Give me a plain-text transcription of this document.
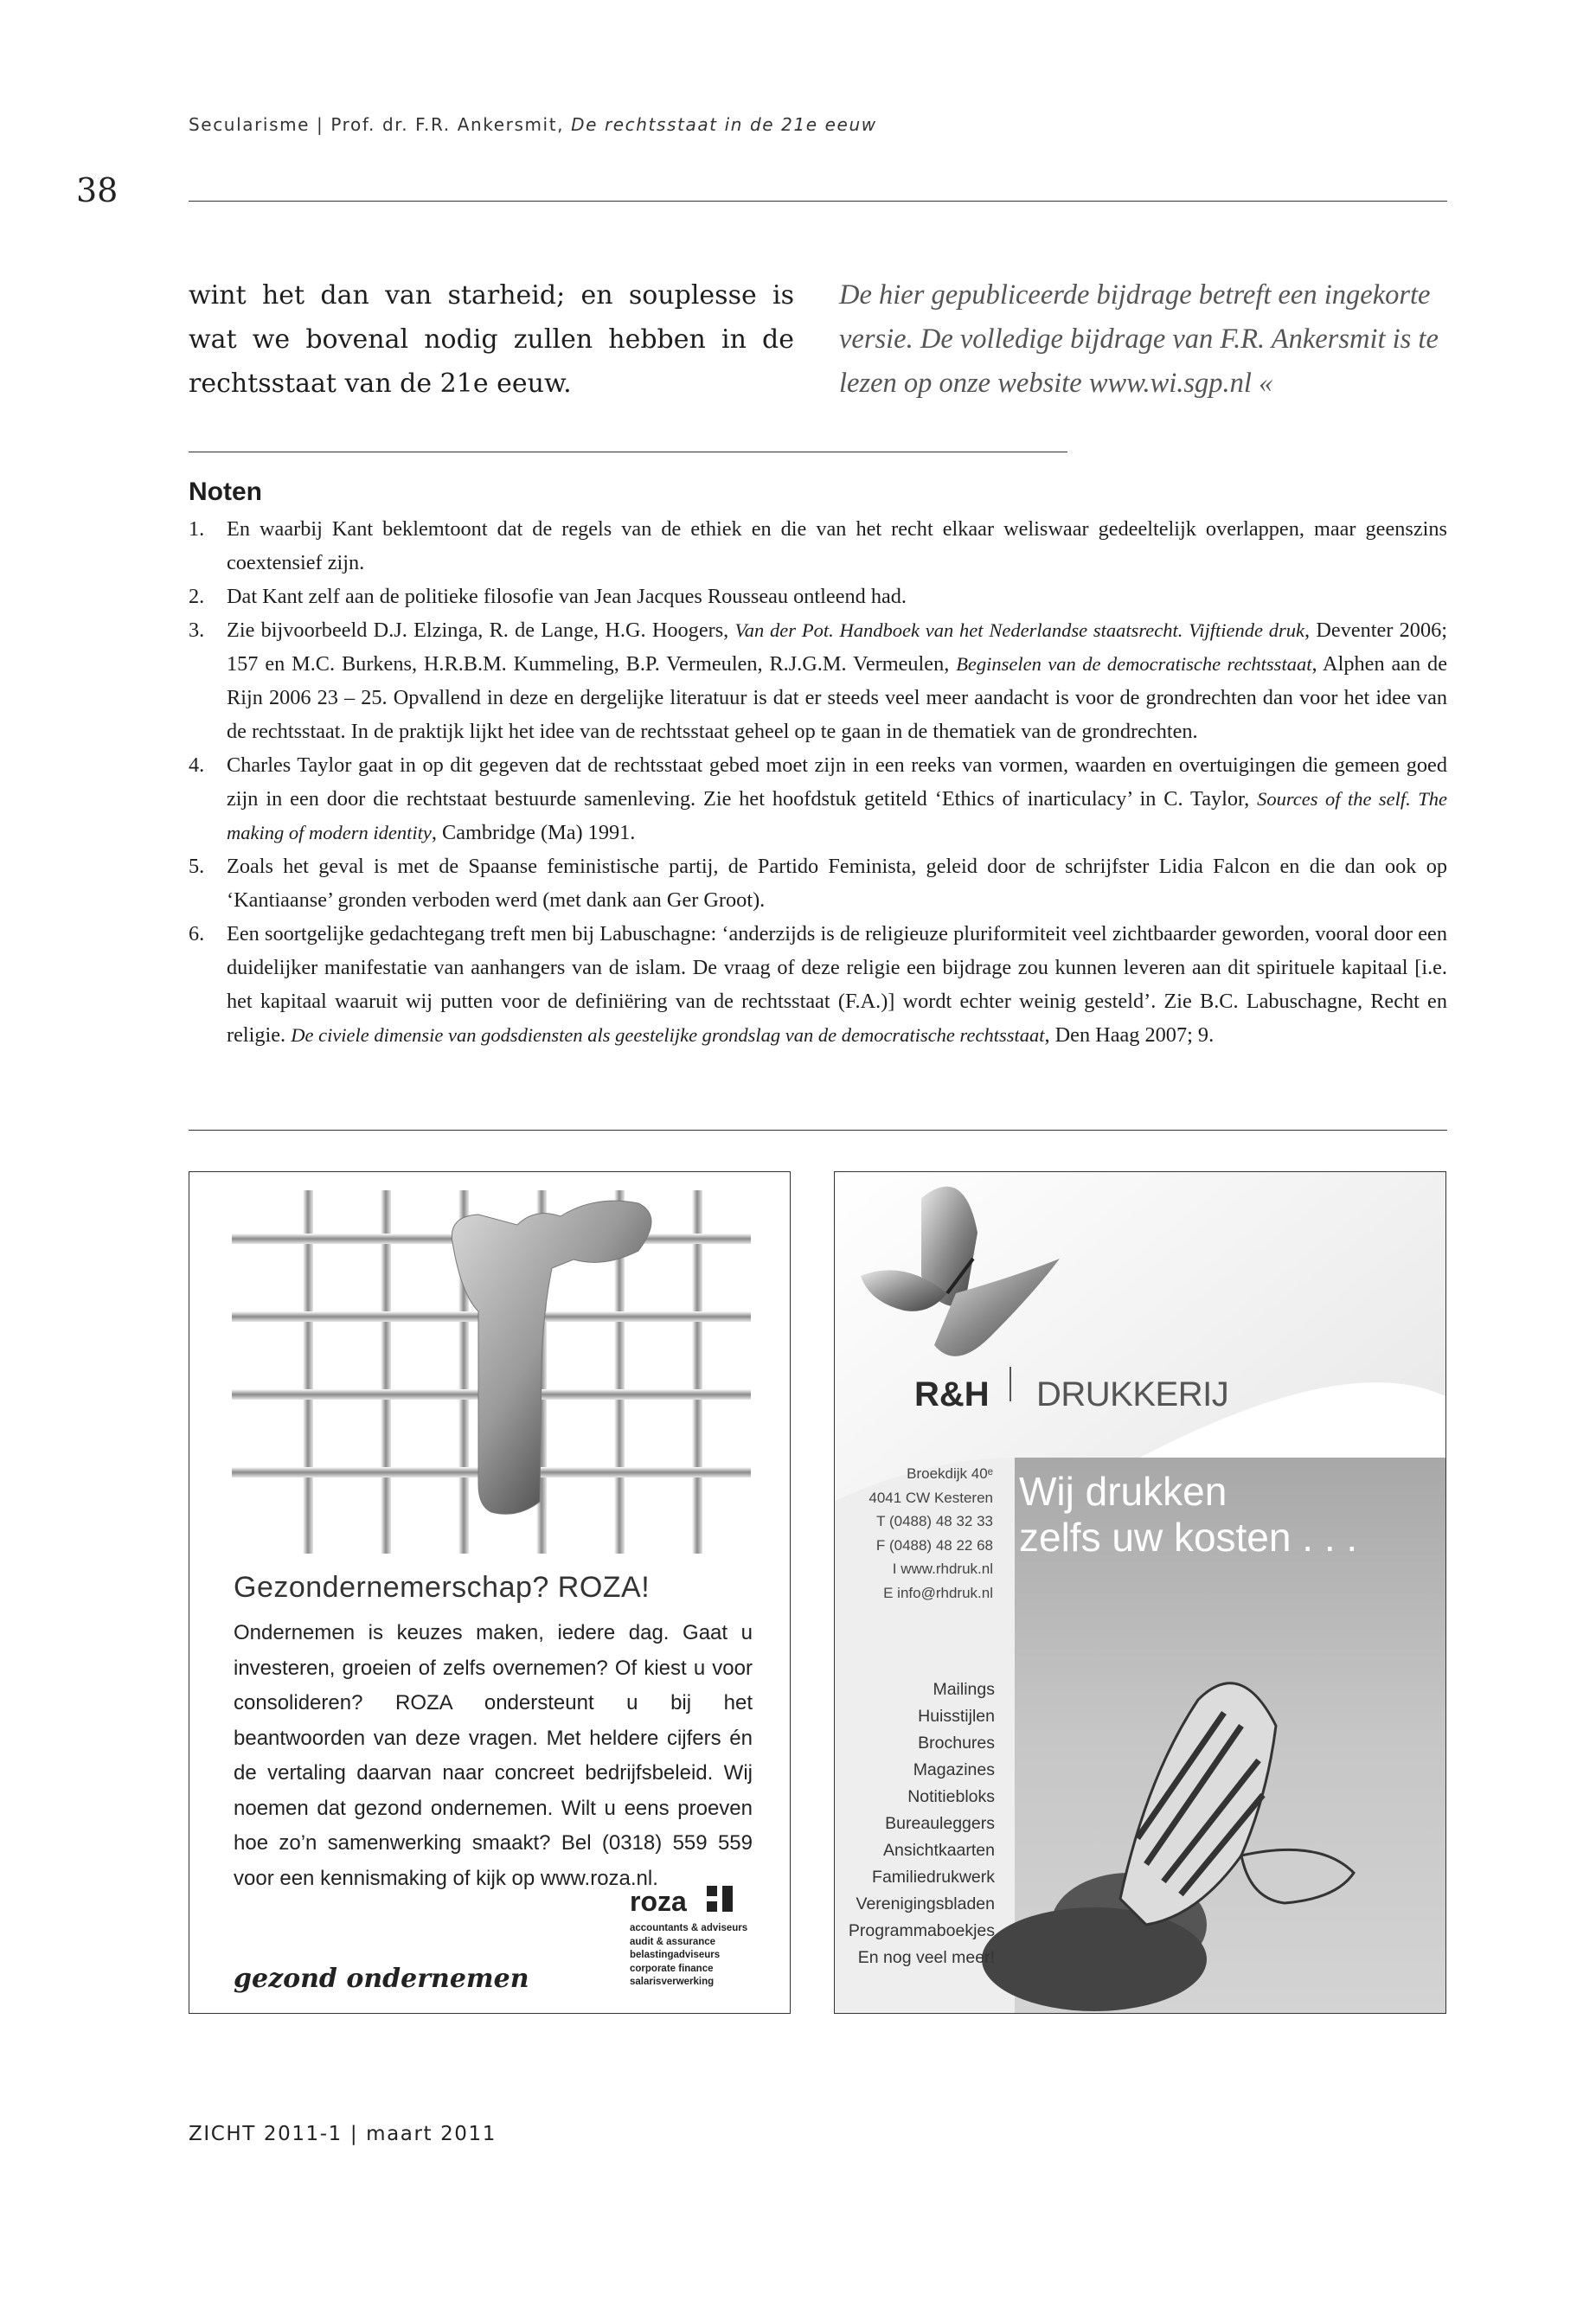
Secularisme | Prof. dr. F.R. Ankersmit, De rechtsstaat in de 21e eeuw
38
wint het dan van starheid; en souplesse is wat we bovenal nodig zullen hebben in de rechtsstaat van de 21e eeuw.
De hier gepubliceerde bijdrage betreft een ingekorte versie. De volledige bijdrage van F.R. Ankersmit is te lezen op onze website www.wi.sgp.nl «
Noten
1. En waarbij Kant beklemtoont dat de regels van de ethiek en die van het recht elkaar weliswaar gedeeltelijk overlappen, maar geenszins coextensief zijn.
2. Dat Kant zelf aan de politieke filosofie van Jean Jacques Rousseau ontleend had.
3. Zie bijvoorbeeld D.J. Elzinga, R. de Lange, H.G. Hoogers, Van der Pot. Handboek van het Nederlandse staatsrecht. Vijftiende druk, Deventer 2006; 157 en M.C. Burkens, H.R.B.M. Kummeling, B.P. Vermeulen, R.J.G.M. Vermeulen, Beginselen van de democratische rechtsstaat, Alphen aan de Rijn 2006 23 – 25. Opvallend in deze en dergelijke literatuur is dat er steeds veel meer aandacht is voor de grondrechten dan voor het idee van de rechtsstaat. In de praktijk lijkt het idee van de rechtsstaat geheel op te gaan in de thematiek van de grondrechten.
4. Charles Taylor gaat in op dit gegeven dat de rechtsstaat gebed moet zijn in een reeks van vormen, waarden en overtuigingen die gemeen goed zijn in een door die rechtstaat bestuurde samenleving. Zie het hoofdstuk getiteld ‘Ethics of inarticulacy’ in C. Taylor, Sources of the self. The making of modern identity, Cambridge (Ma) 1991.
5. Zoals het geval is met de Spaanse feministische partij, de Partido Feminista, geleid door de schrijfster Lidia Falcon en die dan ook op ‘Kantiaanse’ gronden verboden werd (met dank aan Ger Groot).
6. Een soortgelijke gedachtegang treft men bij Labuschagne: ‘anderzijds is de religieuze pluriformiteit veel zichtbaarder geworden, vooral door een duidelijker manifestatie van aanhangers van de islam. De vraag of deze religie een bijdrage zou kunnen leveren aan dit spirituele kapitaal [i.e. het kapitaal waaruit wij putten voor de definiëring van de rechtsstaat (F.A.)] wordt echter weinig gesteld’. Zie B.C. Labuschagne, Recht en religie. De civiele dimensie van godsdiensten als geestelijke grondslag van de democratische rechtsstaat, Den Haag 2007; 9.
Gezondernemerschap? ROZA!
Ondernemen is keuzes maken, iedere dag. Gaat u investeren, groeien of zelfs overnemen? Of kiest u voor consolideren? ROZA ondersteunt u bij het beantwoorden van deze vragen. Met heldere cijfers én de vertaling daarvan naar concreet bedrijfsbeleid. Wij noemen dat gezond ondernemen. Wilt u eens proeven hoe zo’n samenwerking smaakt? Bel (0318) 559 559 voor een kennismaking of kijk op www.roza.nl.
roza
accountants & adviseurs
audit & assurance
belastingadviseurs
corporate finance
salarisverwerking
gezond ondernemen
R&H DRUKKERIJ
Broekdijk 40ᵉ
4041 CW Kesteren
T (0488) 48 32 33
F (0488) 48 22 68
I www.rhdruk.nl
E info@rhdruk.nl
Wij drukken
zelfs uw kosten . . .
Mailings
Huisstijlen
Brochures
Magazines
Notitiebloks
Bureauleggers
Ansichtkaarten
Familiedrukwerk
Verenigingsbladen
Programmaboekjes
En nog veel meer!
ZICHT 2011-1 | maart 2011
